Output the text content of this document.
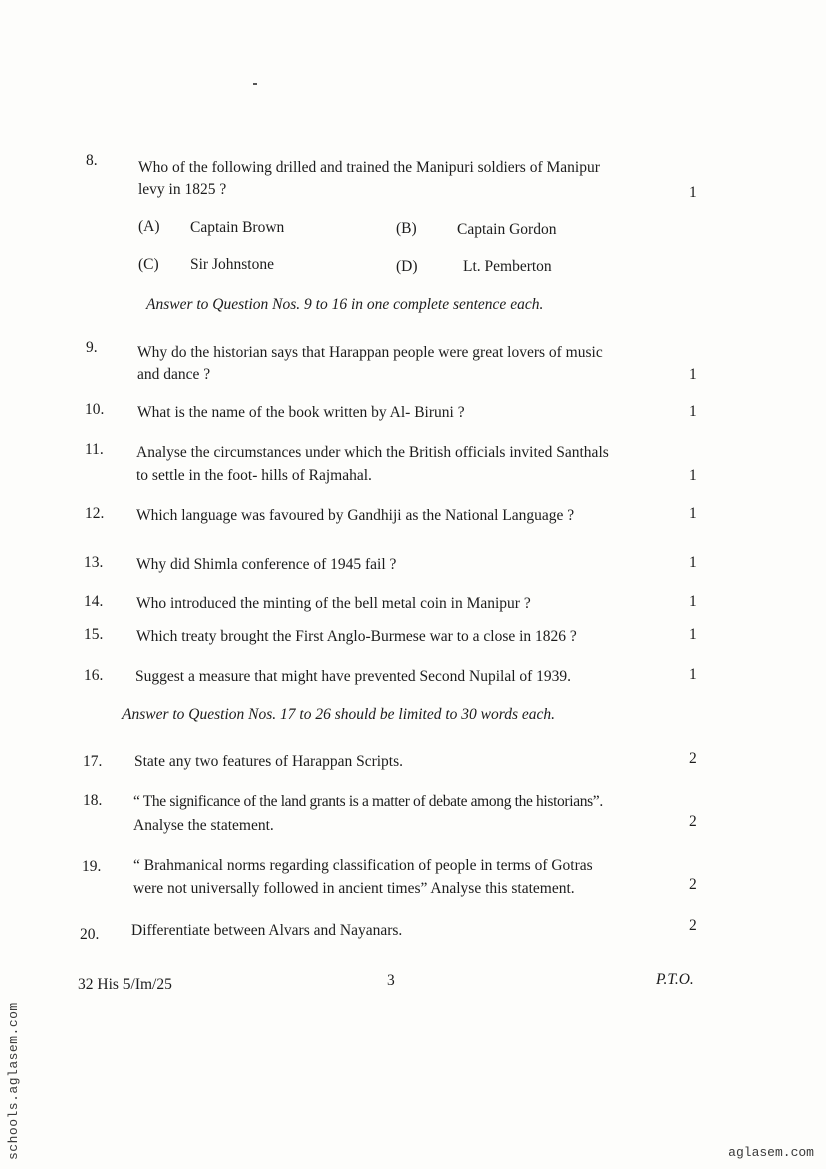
8.	Who of the following drilled and trained the Manipuri soldiers of Manipur
levy in 1825 ?	1
(A) Captain Brown	(B)	Captain Gordon
(C) Sir Johnstone	(D)	Lt. Pemberton
Answer to Question Nos. 9 to 16 in one complete sentence each.
9.	Why do the historian says that Harappan people were great lovers of music
and dance ?	1
10. What is the name of the book written by Al- Biruni ?	1
11. Analyse the circumstances under which the British officials invited Santhals
to settle in the foot- hills of Rajmahal.	1
12. Which language was favoured by Gandhiji as the National Language ?	1
13. Why did Shimla conference of 1945 fail ?	1
14. Who introduced the minting of the bell metal coin in Manipur ?	1
15. Which treaty brought the First Anglo-Burmese war to a close in 1826 ?	1
16. Suggest a measure that might have prevented Second Nupilal of 1939.	1
Answer to Question Nos. 17 to 26 should be limited to 30 words each.
17. State any two features of Harappan Scripts.	2
18. “ The significance of the land grants is a matter of debate among the historians”.
Analyse the statement.	2
19. “ Brahmanical norms regarding classification of people in terms of Gotras
were not universally followed in ancient times” Analyse this statement.	2
20. Differentiate between Alvars and Nayanars.	2
32 His 5/Im/25	3	P.T.O.
schools.aglasem.com	aglasem.com
